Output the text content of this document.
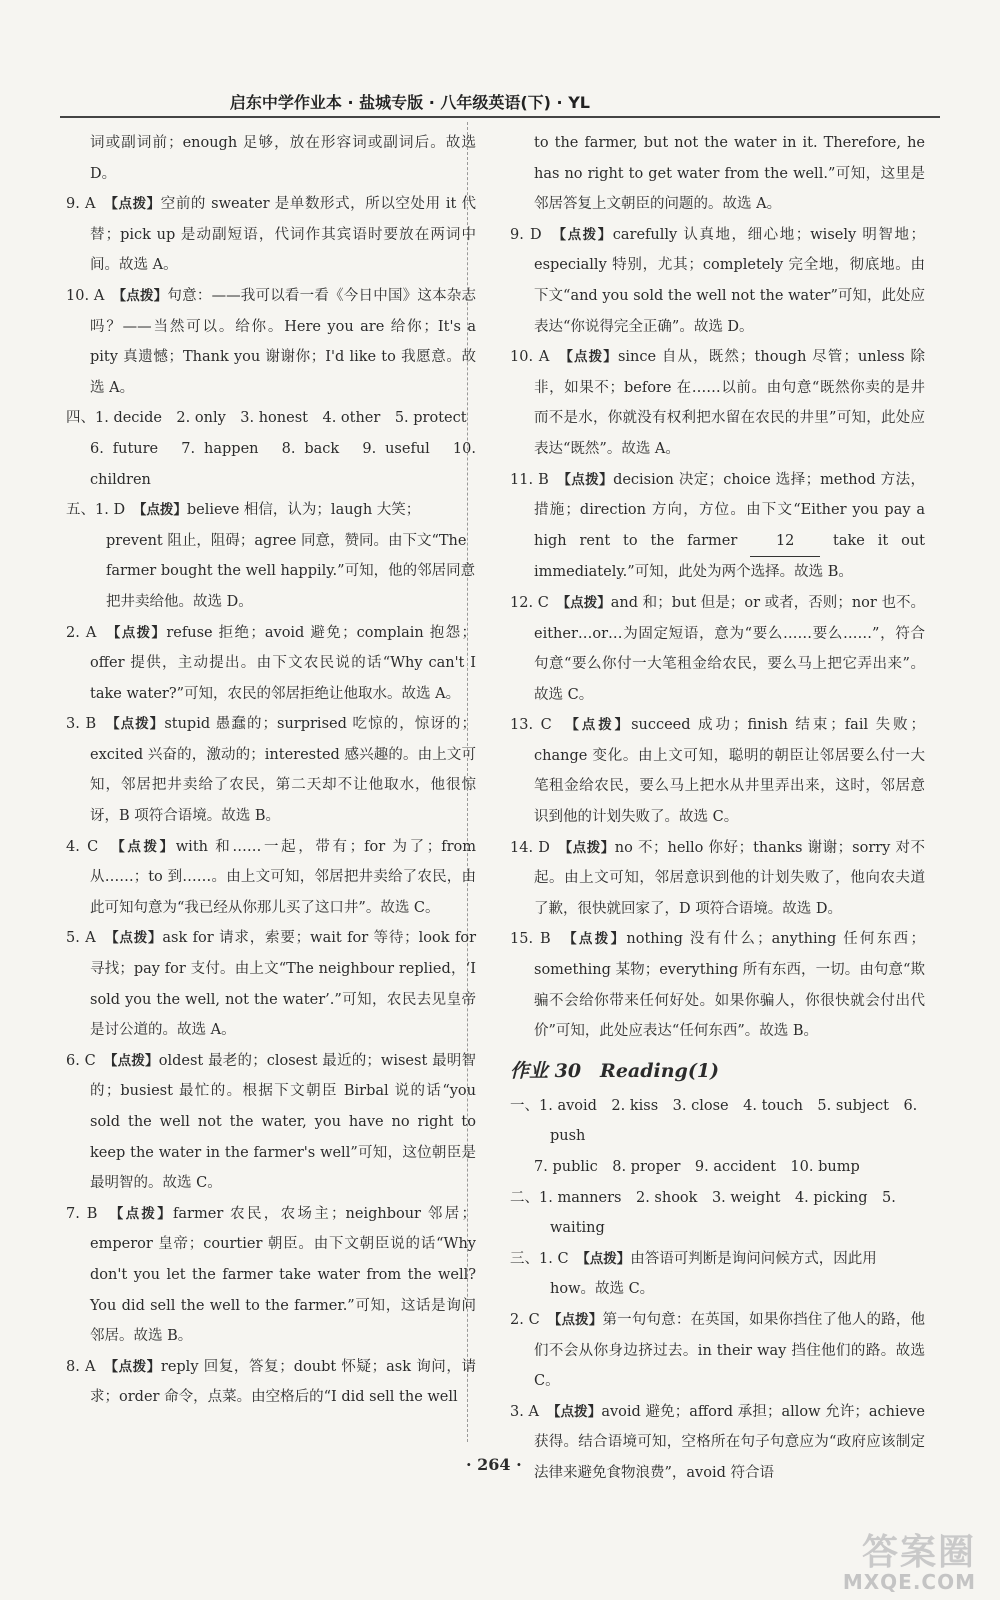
启东中学作业本 · 盐城专版 · 八年级英语(下) · YL
词或副词前；enough 足够，放在形容词或副词后。故选 D。
9. A　 【点拨】空前的 sweater 是单数形式，所以空处用 it 代替；pick up 是动副短语，代词作其宾语时要放在两词中间。故选 A。
10. A　 【点拨】句意：——我可以看一看《今日中国》这本杂志吗？——当然可以。给你。Here you are 给你；It's a pity 真遗憾；Thank you 谢谢你；I'd like to 我愿意。故选 A。
四、1. decide　2. only　3. honest　4. other　5. protect
6. future　7. happen　8. back　9. useful　10. children
五、1. D　 【点拨】believe 相信，认为；laugh 大笑；prevent 阻止，阻碍；agree 同意，赞同。由下文“The farmer bought the well happily.”可知，他的邻居同意把井卖给他。故选 D。
2. A　 【点拨】refuse 拒绝；avoid 避免；complain 抱怨；offer 提供，主动提出。由下文农民说的话“Why can't I take water?”可知，农民的邻居拒绝让他取水。故选 A。
3. B　 【点拨】stupid 愚蠢的；surprised 吃惊的，惊讶的；excited 兴奋的，激动的；interested 感兴趣的。由上文可知，邻居把井卖给了农民，第二天却不让他取水，他很惊讶，B 项符合语境。故选 B。
4. C　 【点拨】with 和……一起，带有；for 为了；from 从……；to 到……。由上文可知，邻居把井卖给了农民，由此可知句意为“我已经从你那儿买了这口井”。故选 C。
5. A　 【点拨】ask for 请求，索要；wait for 等待；look for 寻找；pay for 支付。由上文“The neighbour replied，‘I sold you the well, not the water’.”可知，农民去见皇帝是讨公道的。故选 A。
6. C　 【点拨】oldest 最老的；closest 最近的；wisest 最明智的；busiest 最忙的。根据下文朝臣 Birbal 说的话“you sold the well not the water, you have no right to keep the water in the farmer's well”可知，这位朝臣是最明智的。故选 C。
7. B　 【点拨】farmer 农民，农场主；neighbour 邻居；emperor 皇帝；courtier 朝臣。由下文朝臣说的话“Why don't you let the farmer take water from the well? You did sell the well to the farmer.”可知，这话是询问邻居。故选 B。
8. A　 【点拨】reply 回复，答复；doubt 怀疑；ask 询问，请求；order 命令，点菜。由空格后的“I did sell the well
to the farmer, but not the water in it. Therefore, he has no right to get water from the well.”可知，这里是邻居答复上文朝臣的问题的。故选 A。
9. D　 【点拨】carefully 认真地，细心地；wisely 明智地；especially 特别，尤其；completely 完全地，彻底地。由下文“and you sold the well not the water”可知，此处应表达“你说得完全正确”。故选 D。
10. A　 【点拨】since 自从，既然；though 尽管；unless 除非，如果不；before 在……以前。由句意“既然你卖的是井而不是水，你就没有权利把水留在农民的井里”可知，此处应表达“既然”。故选 A。
11. B　 【点拨】decision 决定；choice 选择；method 方法，措施；direction 方向，方位。由下文“Either you pay a high rent to the farmer	12	take it out immediately.”可知，此处为两个选择。故选 B。
12. C　 【点拨】and 和；but 但是；or 或者，否则；nor 也不。either…or…为固定短语，意为“要么……要么……”，符合句意“要么你付一大笔租金给农民，要么马上把它弄出来”。故选 C。
13. C　 【点拨】succeed 成功；finish 结束；fail 失败；change 变化。由上文可知，聪明的朝臣让邻居要么付一大笔租金给农民，要么马上把水从井里弄出来，这时，邻居意识到他的计划失败了。故选 C。
14. D　 【点拨】no 不；hello 你好；thanks 谢谢；sorry 对不起。由上文可知，邻居意识到他的计划失败了，他向农夫道了歉，很快就回家了，D 项符合语境。故选 D。
15. B　 【点拨】nothing 没有什么；anything 任何东西；something 某物；everything 所有东西，一切。由句意“欺骗不会给你带来任何好处。如果你骗人，你很快就会付出代价”可知，此处应表达“任何东西”。故选 B。
作业 30　Reading(1)
一、1. avoid　2. kiss　3. close　4. touch　5. subject　6. push
7. public　8. proper　9. accident　10. bump
二、1. manners　2. shook　3. weight　4. picking　5. waiting
三、1. C　 【点拨】由答语可判断是询问问候方式，因此用 how。故选 C。
2. C　 【点拨】第一句句意：在英国，如果你挡住了他人的路，他们不会从你身边挤过去。in their way 挡住他们的路。故选 C。
3. A　 【点拨】avoid 避免；afford 承担；allow 允许；achieve 获得。结合语境可知，空格所在句子句意应为“政府应该制定法律来避免食物浪费”，avoid 符合语
· 264 ·
答案圈
MXQE.COM
